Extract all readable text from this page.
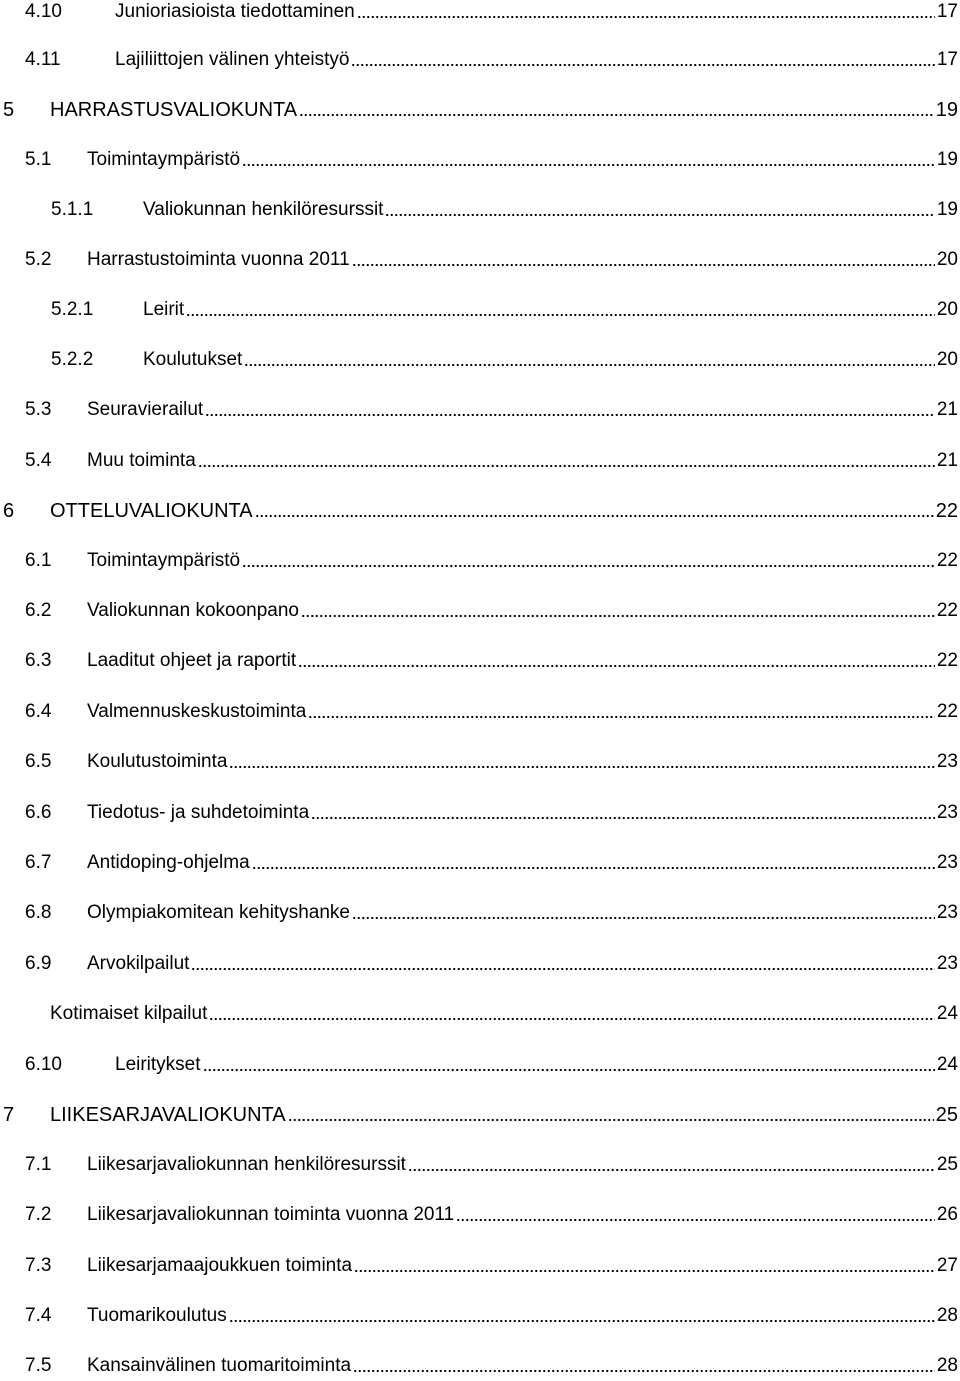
4.10	Junioriasioista tiedottaminen	17
4.11	Lajiliittojen välinen yhteistyö	17
5	HARRASTUSVALIOKUNTA	19
5.1	Toimintaympäristö	19
5.1.1	Valiokunnan henkilöresurssit	19
5.2	Harrastustoiminta vuonna 2011	20
5.2.1	Leirit	20
5.2.2	Koulutukset	20
5.3	Seuravierailut	21
5.4	Muu toiminta	21
6	OTTELUVALIOKUNTA	22
6.1	Toimintaympäristö	22
6.2	Valiokunnan kokoonpano	22
6.3	Laaditut ohjeet ja raportit	22
6.4	Valmennuskeskustoiminta	22
6.5	Koulutustoiminta	23
6.6	Tiedotus- ja suhdetoiminta	23
6.7	Antidoping-ohjelma	23
6.8	Olympiakomitean kehityshanke	23
6.9	Arvokilpailut	23
Kotimaiset kilpailut	24
6.10	Leiritykset	24
7	LIIKESARJAVALIOKUNTA	25
7.1	Liikesarjavaliokunnan henkilöresurssit	25
7.2	Liikesarjavaliokunnan toiminta vuonna 2011	26
7.3	Liikesarjamaajoukkuen toiminta	27
7.4	Tuomarikoulutus	28
7.5	Kansainvälinen tuomaritoiminta	28
